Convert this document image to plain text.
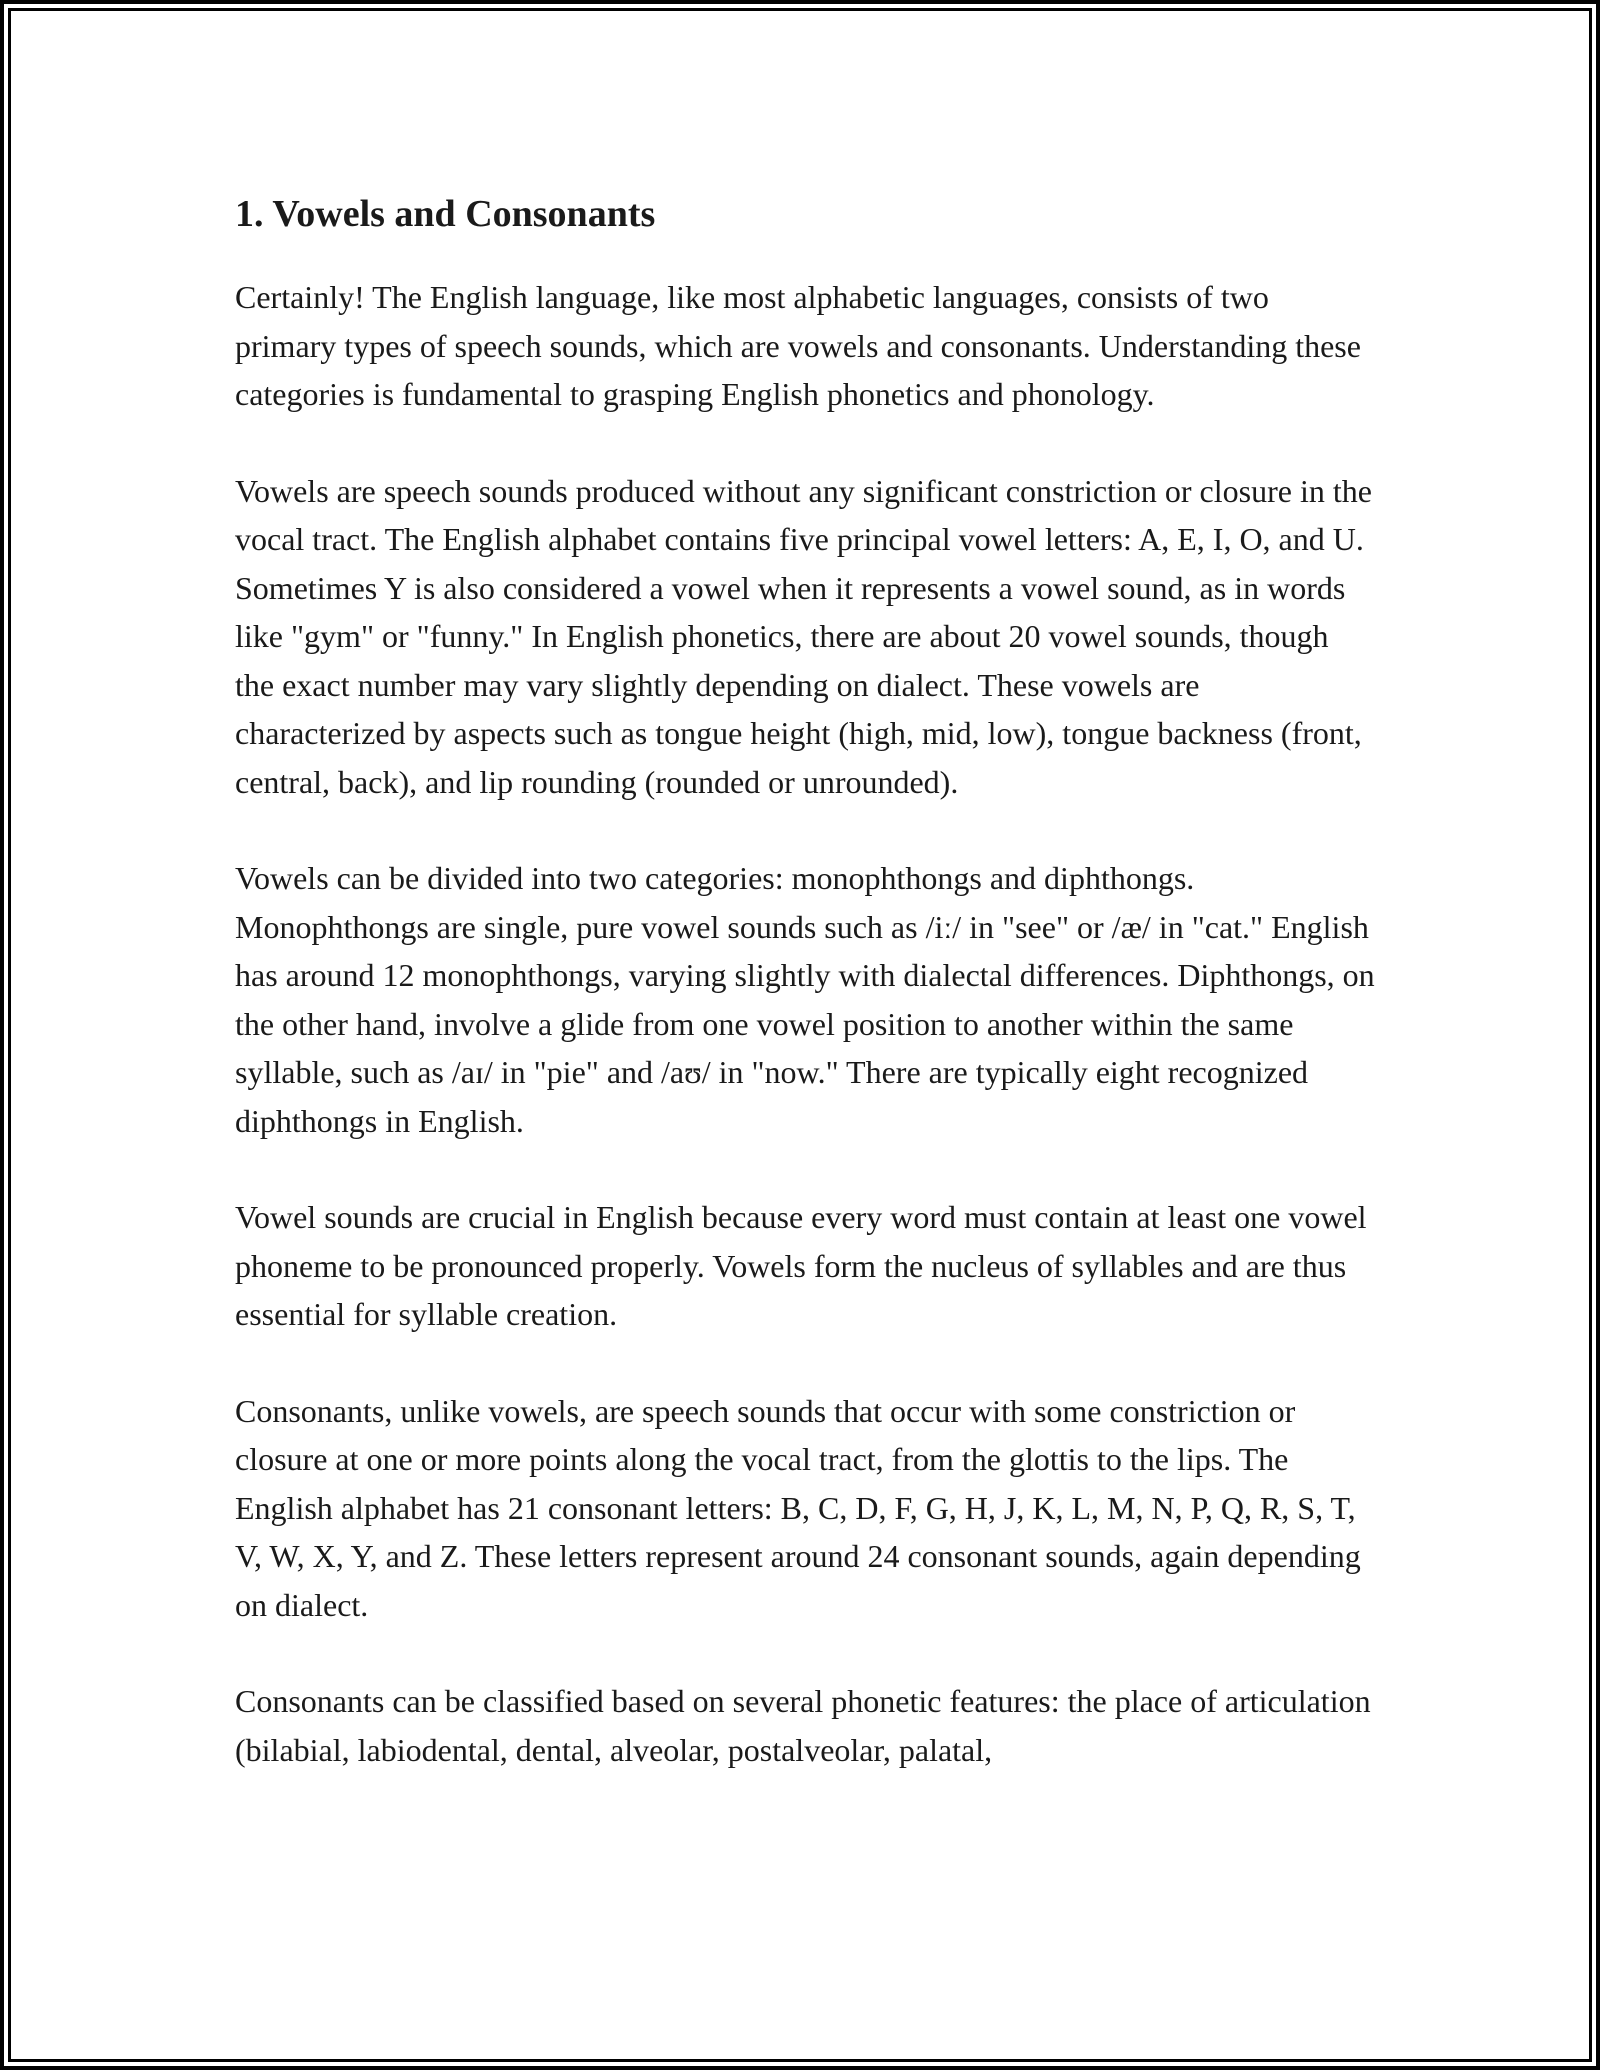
1. Vowels and Consonants

Certainly! The English language, like most alphabetic languages, consists of two primary types of speech sounds, which are vowels and consonants. Understanding these categories is fundamental to grasping English phonetics and phonology.

Vowels are speech sounds produced without any significant constriction or closure in the vocal tract. The English alphabet contains five principal vowel letters: A, E, I, O, and U. Sometimes Y is also considered a vowel when it represents a vowel sound, as in words like "gym" or "funny." In English phonetics, there are about 20 vowel sounds, though the exact number may vary slightly depending on dialect. These vowels are characterized by aspects such as tongue height (high, mid, low), tongue backness (front, central, back), and lip rounding (rounded or unrounded).

Vowels can be divided into two categories: monophthongs and diphthongs. Monophthongs are single, pure vowel sounds such as /iː/ in "see" or /æ/ in "cat." English has around 12 monophthongs, varying slightly with dialectal differences. Diphthongs, on the other hand, involve a glide from one vowel position to another within the same syllable, such as /aɪ/ in "pie" and /aʊ/ in "now." There are typically eight recognized diphthongs in English.

Vowel sounds are crucial in English because every word must contain at least one vowel phoneme to be pronounced properly. Vowels form the nucleus of syllables and are thus essential for syllable creation.

Consonants, unlike vowels, are speech sounds that occur with some constriction or closure at one or more points along the vocal tract, from the glottis to the lips. The English alphabet has 21 consonant letters: B, C, D, F, G, H, J, K, L, M, N, P, Q, R, S, T, V, W, X, Y, and Z. These letters represent around 24 consonant sounds, again depending on dialect.

Consonants can be classified based on several phonetic features: the place of articulation (bilabial, labiodental, dental, alveolar, postalveolar, palatal,
